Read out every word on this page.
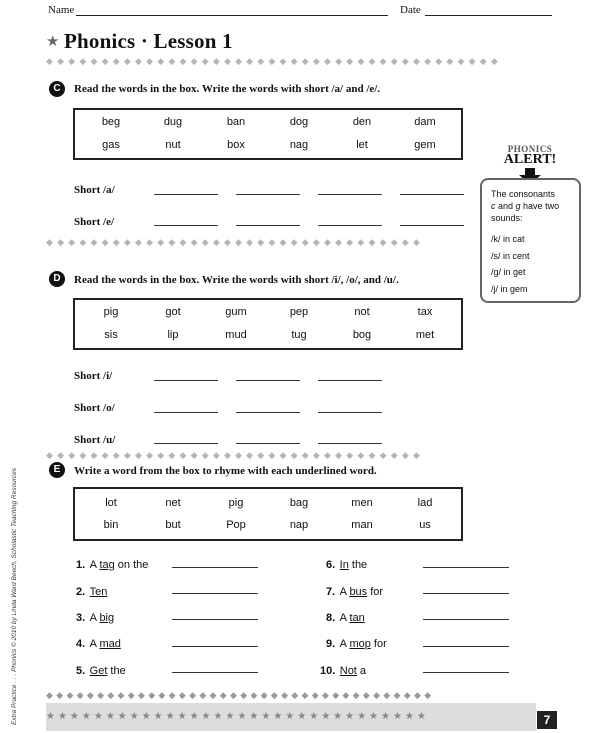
Name	Date
★ Phonics · Lesson 1
◆◆◆◆◆◆◆◆◆◆◆◆◆◆◆◆◆◆◆◆◆◆◆◆◆◆◆◆◆◆◆◆◆◆◆◆◆◆◆◆◆
C	Read the words in the box. Write the words with short /a/ and /e/.
beg	dug	ban	dog	den	dam
gas	nut	box	nag	let	gem
Short /a/
Short /e/
◆◆◆◆◆◆◆◆◆◆◆◆◆◆◆◆◆◆◆◆◆◆◆◆◆◆◆◆◆◆◆◆◆◆
PHONICS
ALERT!
The consonants
c and g have two
sounds:
/k/ in cat
/s/ in cent
/g/ in get
/j/ in gem
D	Read the words in the box. Write the words with short /i/, /o/, and /u/.
pig	got	gum	pep	not	tax
sis	lip	mud	tug	bog	met
Short /i/
Short /o/
Short /u/
◆◆◆◆◆◆◆◆◆◆◆◆◆◆◆◆◆◆◆◆◆◆◆◆◆◆◆◆◆◆◆◆◆◆
E	Write a word from the box to rhyme with each underlined word.
lot	net	pig	bag	men	lad
bin	but	Pop	nap	man	us
1. A tag on the
2. Ten
3. A big
4. A mad
5. Get the
6. In the
7. A bus for
8. A tan
9. A mop for
10. Not a
Extra Practice . . . Phonics © 2010 by Linda Ward Beech, Scholastic Teaching Resources	◆◆◆◆◆◆◆◆◆◆◆◆◆◆◆◆◆◆◆◆◆◆◆◆◆◆◆◆◆◆◆◆◆◆◆◆◆◆
★★★★★★★★★★★★★★★★★★★★★★★★★★★★★★★★	7
